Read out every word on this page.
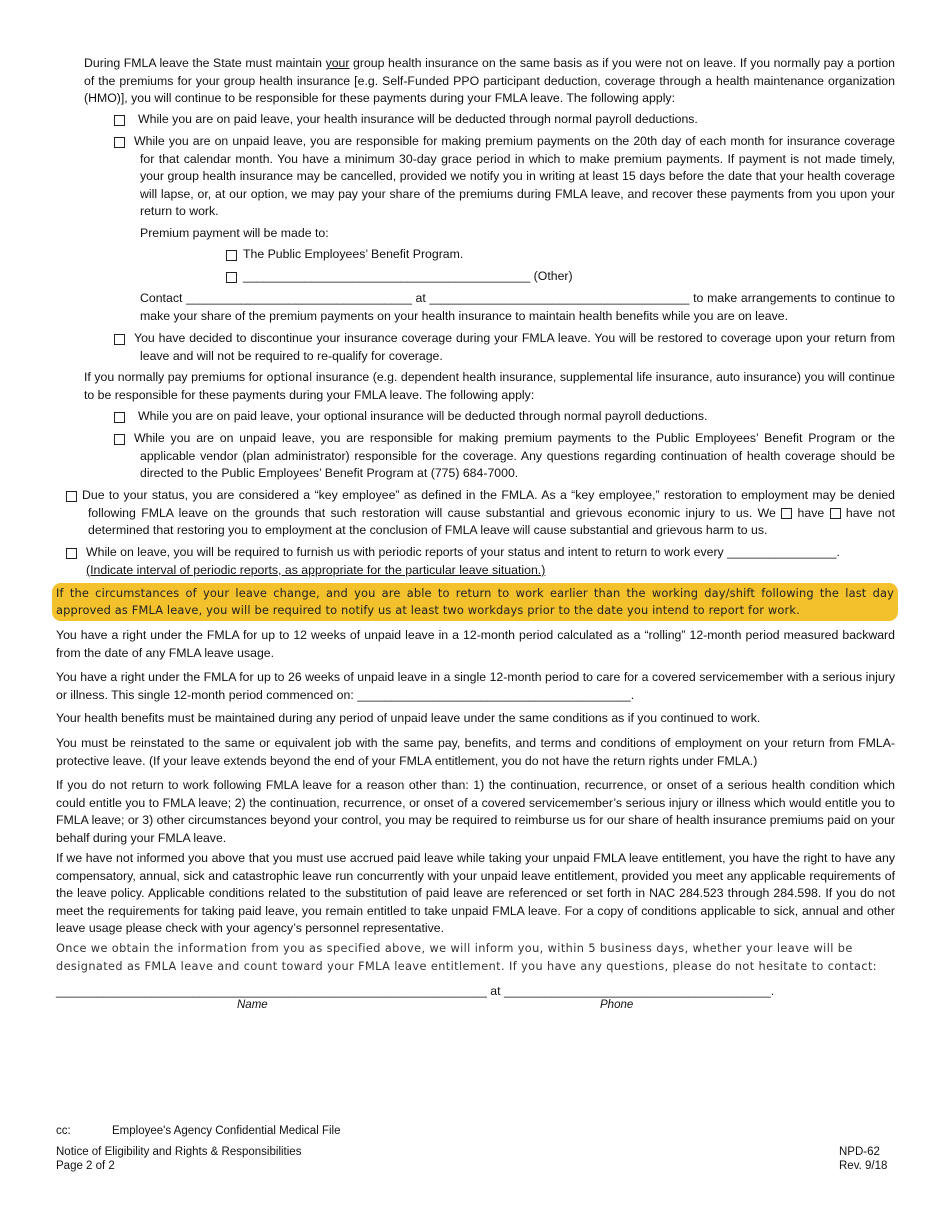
During FMLA leave the State must maintain your group health insurance on the same basis as if you were not on leave. If you normally pay a portion of the premiums for your group health insurance [e.g. Self-Funded PPO participant deduction, coverage through a health maintenance organization (HMO)], you will continue to be responsible for these payments during your FMLA leave. The following apply:
While you are on paid leave, your health insurance will be deducted through normal payroll deductions.
While you are on unpaid leave, you are responsible for making premium payments on the 20th day of each month for insurance coverage for that calendar month. You have a minimum 30-day grace period in which to make premium payments. If payment is not made timely, your group health insurance may be cancelled, provided we notify you in writing at least 15 days before the date that your health coverage will lapse, or, at our option, we may pay your share of the premiums during FMLA leave, and recover these payments from you upon your return to work.
Premium payment will be made to:
The Public Employees’ Benefit Program.
__________________________________________ (Other)
Contact _________________________________ at ______________________________________ to make arrangements to continue to make your share of the premium payments on your health insurance to maintain health benefits while you are on leave.
You have decided to discontinue your insurance coverage during your FMLA leave. You will be restored to coverage upon your return from leave and will not be required to re-qualify for coverage.
If you normally pay premiums for optional insurance (e.g. dependent health insurance, supplemental life insurance, auto insurance) you will continue to be responsible for these payments during your FMLA leave. The following apply:
While you are on paid leave, your optional insurance will be deducted through normal payroll deductions.
While you are on unpaid leave, you are responsible for making premium payments to the Public Employees’ Benefit Program or the applicable vendor (plan administrator) responsible for the coverage. Any questions regarding continuation of health coverage should be directed to the Public Employees’ Benefit Program at (775) 684-7000.
Due to your status, you are considered a “key employee” as defined in the FMLA. As a “key employee,” restoration to employment may be denied following FMLA leave on the grounds that such restoration will cause substantial and grievous economic injury to us. We have have not determined that restoring you to employment at the conclusion of FMLA leave will cause substantial and grievous harm to us.
While on leave, you will be required to furnish us with periodic reports of your status and intent to return to work every ________________.
(Indicate interval of periodic reports, as appropriate for the particular leave situation.)
If the circumstances of your leave change, and you are able to return to work earlier than the working day/shift following the last day approved as FMLA leave, you will be required to notify us at least two workdays prior to the date you intend to report for work.
You have a right under the FMLA for up to 12 weeks of unpaid leave in a 12-month period calculated as a “rolling” 12-month period measured backward from the date of any FMLA leave usage.
You have a right under the FMLA for up to 26 weeks of unpaid leave in a single 12-month period to care for a covered servicemember with a serious injury or illness. This single 12-month period commenced on: ________________________________________.
Your health benefits must be maintained during any period of unpaid leave under the same conditions as if you continued to work.
You must be reinstated to the same or equivalent job with the same pay, benefits, and terms and conditions of employment on your return from FMLA-protective leave. (If your leave extends beyond the end of your FMLA entitlement, you do not have the return rights under FMLA.)
If you do not return to work following FMLA leave for a reason other than: 1) the continuation, recurrence, or onset of a serious health condition which could entitle you to FMLA leave; 2) the continuation, recurrence, or onset of a covered servicemember’s serious injury or illness which would entitle you to FMLA leave; or 3) other circumstances beyond your control, you may be required to reimburse us for our share of health insurance premiums paid on your behalf during your FMLA leave.
If we have not informed you above that you must use accrued paid leave while taking your unpaid FMLA leave entitlement, you have the right to have any compensatory, annual, sick and catastrophic leave run concurrently with your unpaid leave entitlement, provided you meet any applicable requirements of the leave policy. Applicable conditions related to the substitution of paid leave are referenced or set forth in NAC 284.523 through 284.598. If you do not meet the requirements for taking paid leave, you remain entitled to take unpaid FMLA leave. For a copy of conditions applicable to sick, annual and other leave usage please check with your agency’s personnel representative.
Once we obtain the information from you as specified above, we will inform you, within 5 business days, whether your leave will be designated as FMLA leave and count toward your FMLA leave entitlement. If you have any questions, please do not hesitate to contact:
_______________________________________________________________ at _______________________________________.
Name	Phone
cc:	Employee's Agency Confidential Medical File
Notice of Eligibility and Rights & Responsibilities
Page 2 of 2
NPD-62
Rev. 9/18
